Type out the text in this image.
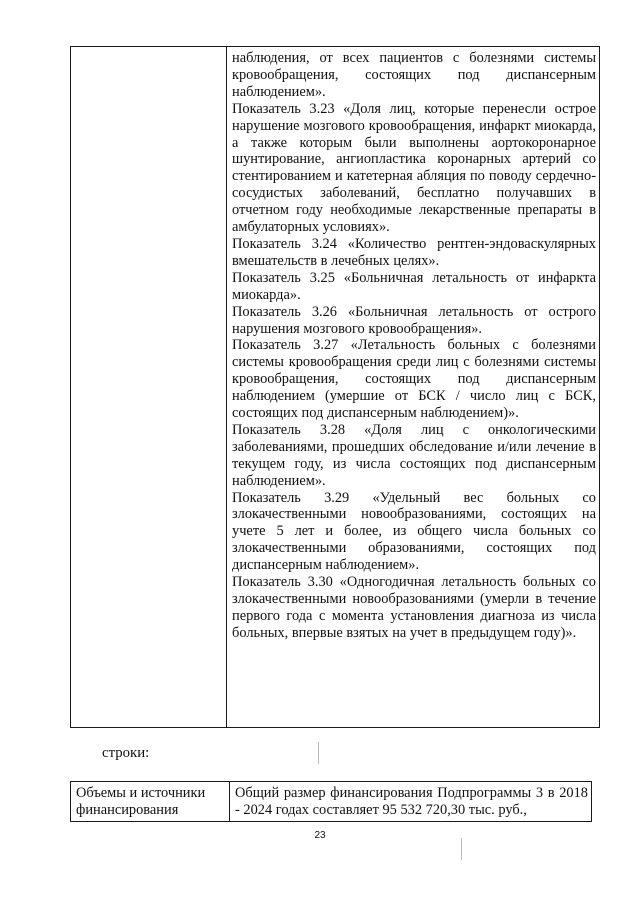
наблюдения, от всех пациентов с болезнями системы кровообращения, состоящих под диспансерным наблюдением».

Показатель 3.23 «Доля лиц, которые перенесли острое нарушение мозгового кровообращения, инфаркт миокарда, а также которым были выполнены аортокоронарное шунтирование, ангиопластика коронарных артерий со стентированием и катетерная абляция по поводу сердечно-сосудистых заболеваний, бесплатно получавших в отчетном году необходимые лекарственные препараты в амбулаторных условиях».

Показатель 3.24 «Количество рентген-эндоваскулярных вмешательств в лечебных целях».

Показатель 3.25 «Больничная летальность от инфаркта миокарда».

Показатель 3.26 «Больничная летальность от острого нарушения мозгового кровообращения».

Показатель 3.27 «Летальность больных с болезнями системы кровообращения среди лиц с болезнями системы кровообращения, состоящих под диспансерным наблюдением (умершие от БСК / число лиц с БСК, состоящих под диспансерным наблюдением)».

Показатель 3.28 «Доля лиц с онкологическими заболеваниями, прошедших обследование и/или лечение в текущем году, из числа состоящих под диспансерным наблюдением».

Показатель 3.29 «Удельный вес больных со злокачественными новообразованиями, состоящих на учете 5 лет и более, из общего числа больных со злокачественными образованиями, состоящих под диспансерным наблюдением».

Показатель 3.30 «Одногодичная летальность больных со злокачественными новообразованиями (умерли в течение первого года с момента установления диагноза из числа больных, впервые взятых на учет в предыдущем году)».

строки:

Объемы и источники финансирования	Общий размер финансирования Подпрограммы 3 в 2018 - 2024 годах составляет 95 532 720,30 тыс. руб.,

23
